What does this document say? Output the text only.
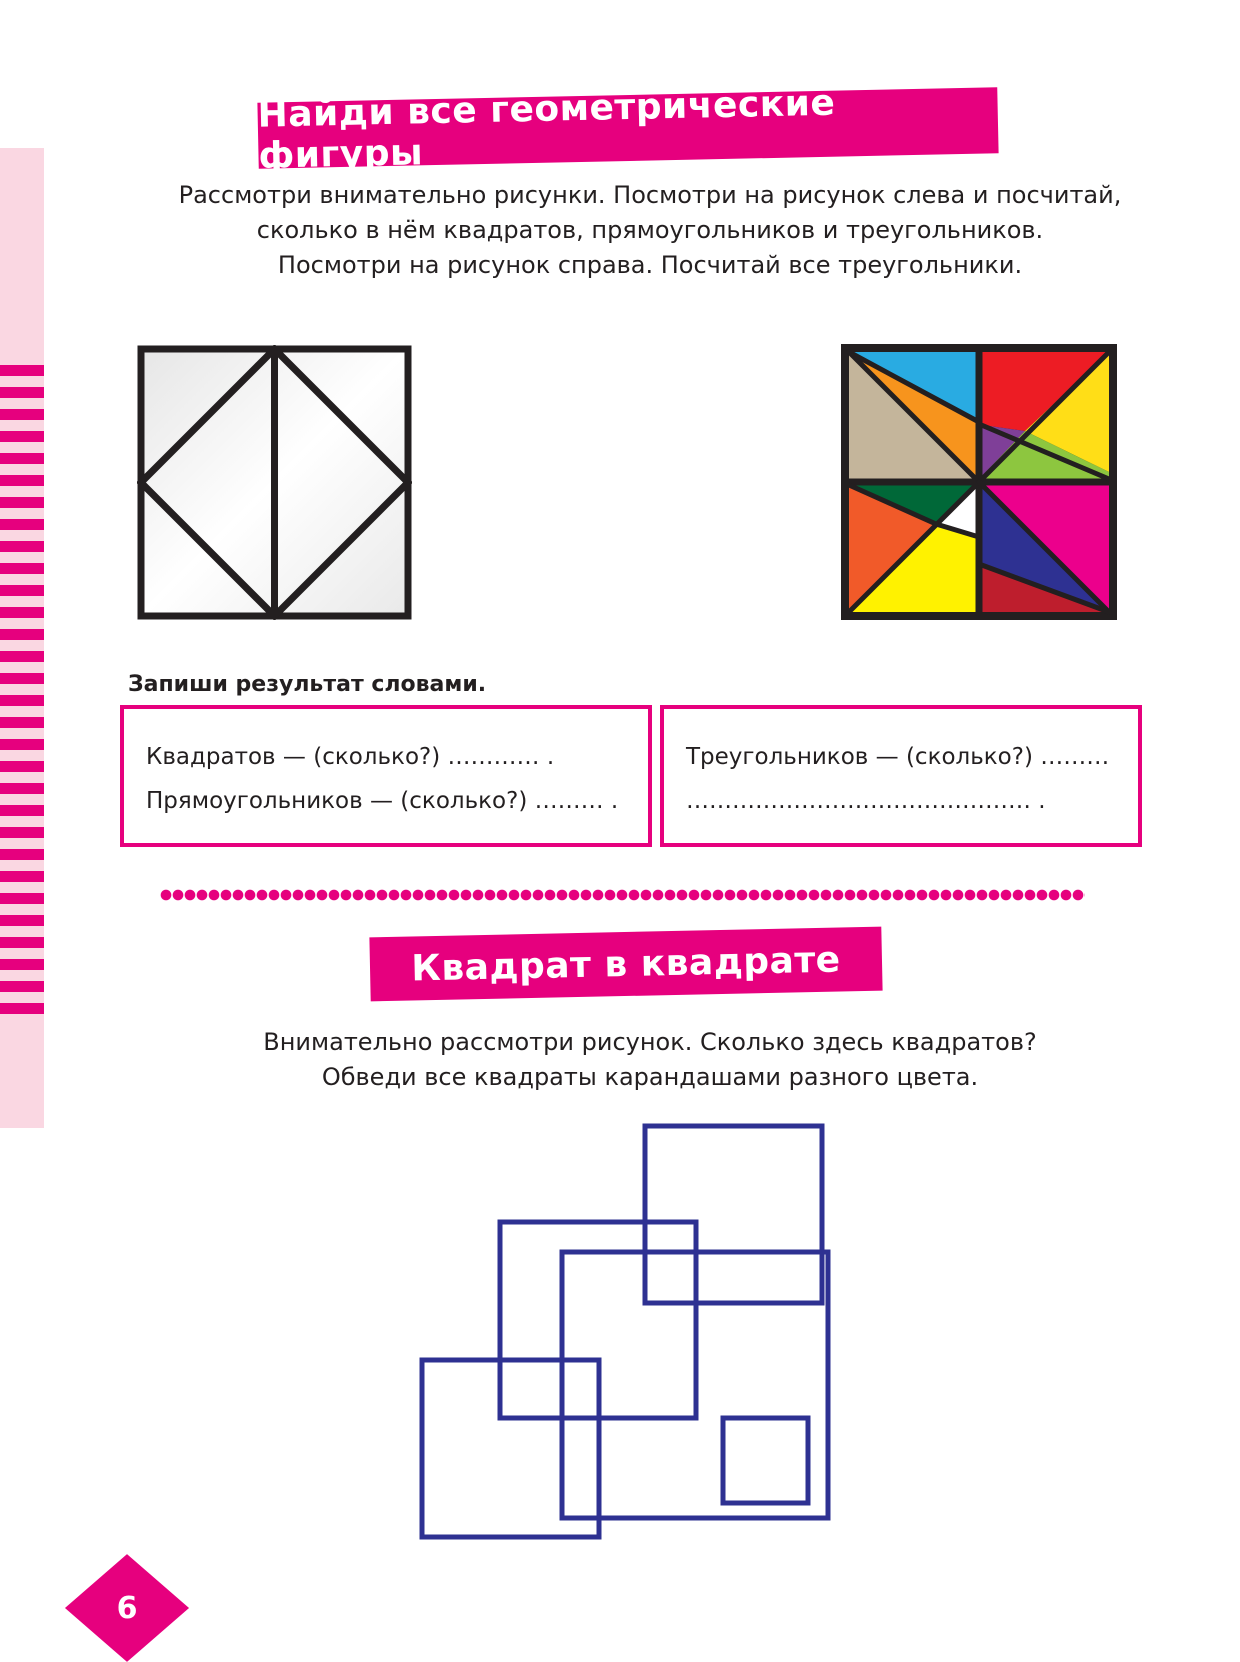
Найди все геометрические фигуры
Рассмотри внимательно рисунки. Посмотри на рисунок слева и посчитай,
сколько в нём квадратов, прямоугольников и треугольников.
Посмотри на рисунок справа. Посчитай все треугольники.
Запиши результат словами.
Квадратов — (сколько?) ………… .
Прямоугольников — (сколько?) ……… .
Треугольников — (сколько?) ………
……………………………………… .
Квадрат в квадрате
Внимательно рассмотри рисунок. Сколько здесь квадратов?
Обведи все квадраты карандашами разного цвета.
6
